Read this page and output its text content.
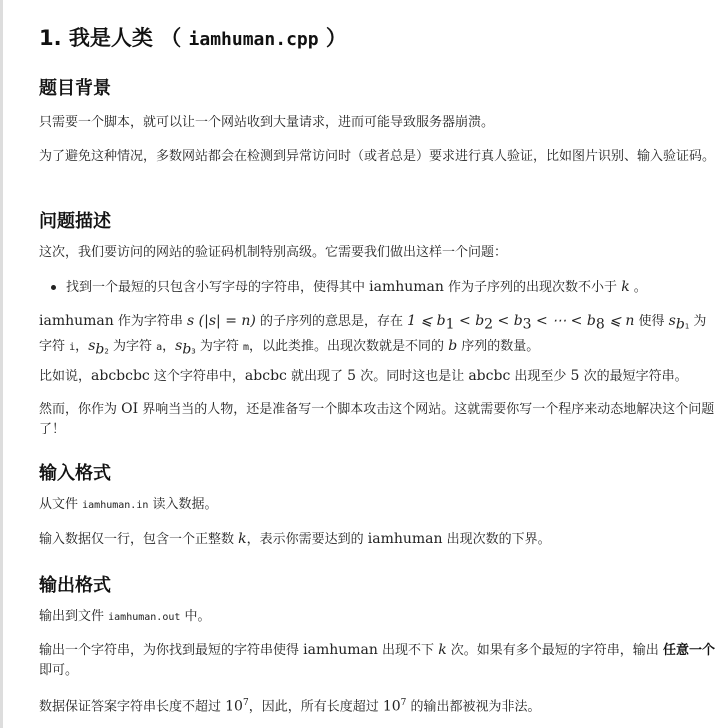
1. 我是人类 （ iamhuman.cpp ）
题目背景

只需要一个脚本，就可以让一个网站收到大量请求，进而可能导致服务器崩溃。

为了避免这种情况，多数网站都会在检测到异常访问时（或者总是）要求进行真人验证，比如图片识别、输入验证码。

问题描述

这次，我们要访问的网站的验证码机制特别高级。它需要我们做出这样一个问题：

找到一个最短的只包含小写字母的字符串，使得其中 iamhuman 作为子序列的出现次数不小于 k 。

iamhuman 作为字符串 s (|s| = n) 的子序列的意思是，存在 1 ⩽ $b_1 < b_2 < b_3$ < ⋯ < $b_8$ ⩽ n 使得 $s_{b1}$ 为字符 i，$s_{b2}$ 为字符 a，$s_{b3}$ 为字符 m，以此类推。出现次数就是不同的 b 序列的数量。

比如说，abcbcbc 这个字符串中，abcbc 就出现了 5 次。同时这也是让 abcbc 出现至少 5 次的最短字符串。

然而，你作为 OI 界响当当的人物，还是准备写一个脚本攻击这个网站。这就需要你写一个程序来动态地解决这个问题了！

输入格式

从文件 iamhuman.in 读入数据。

输入数据仅一行，包含一个正整数 k，表示你需要达到的 iamhuman 出现次数的下界。

输出格式

输出到文件 iamhuman.out 中。

输出一个字符串，为你找到最短的字符串使得 iamhuman 出现不下 k 次。如果有多个最短的字符串，输出 任意一个即可。

数据保证答案字符串长度不超过 $10^7$，因此，所有长度超过 $10^7$ 的输出都被视为非法。
